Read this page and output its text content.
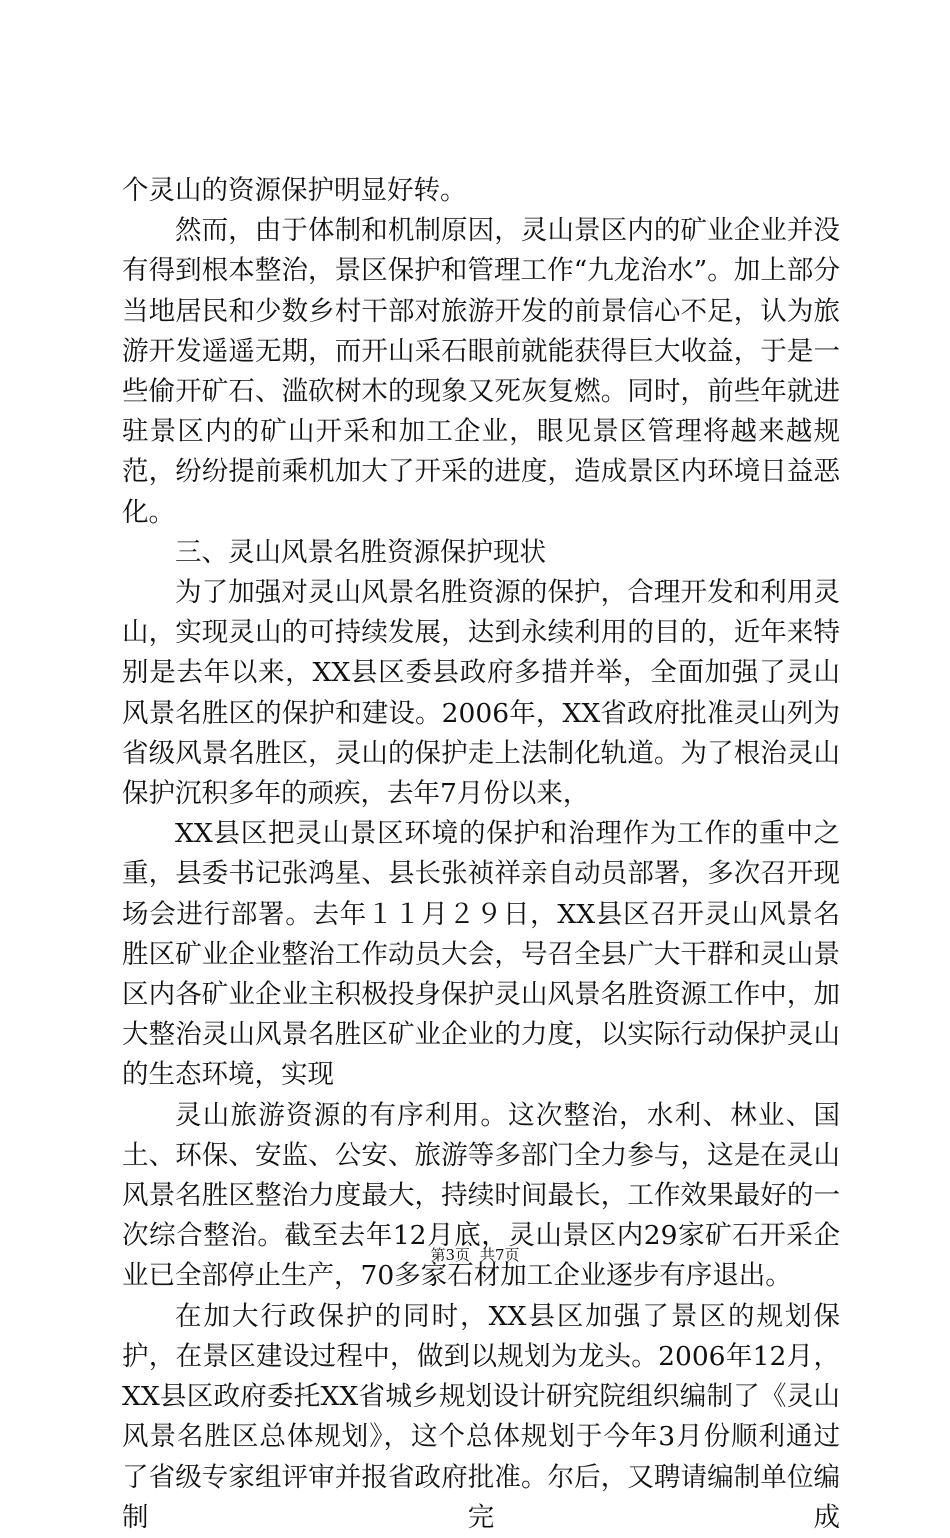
个灵山的资源保护明显好转。

然而，由于体制和机制原因，灵山景区内的矿业企业并没有得到根本整治，景区保护和管理工作“九龙治水”。加上部分当地居民和少数乡村干部对旅游开发的前景信心不足，认为旅游开发遥遥无期，而开山采石眼前就能获得巨大收益，于是一些偷开矿石、滥砍树木的现象又死灰复燃。同时，前些年就进驻景区内的矿山开采和加工企业，眼见景区管理将越来越规范，纷纷提前乘机加大了开采的进度，造成景区内环境日益恶化。

三、灵山风景名胜资源保护现状

为了加强对灵山风景名胜资源的保护，合理开发和利用灵山，实现灵山的可持续发展，达到永续利用的目的，近年来特别是去年以来，XX县区委县政府多措并举，全面加强了灵山风景名胜区的保护和建设。2006年，XX省政府批准灵山列为省级风景名胜区，灵山的保护走上法制化轨道。为了根治灵山保护沉积多年的顽疾，去年7月份以来，

XX县区把灵山景区环境的保护和治理作为工作的重中之重，县委书记张鸿星、县长张祯祥亲自动员部署，多次召开现场会进行部署。去年１１月２９日，XX县区召开灵山风景名胜区矿业企业整治工作动员大会，号召全县广大干群和灵山景区内各矿业企业主积极投身保护灵山风景名胜资源工作中，加大整治灵山风景名胜区矿业企业的力度，以实际行动保护灵山的生态环境，实现

灵山旅游资源的有序利用。这次整治，水利、林业、国土、环保、安监、公安、旅游等多部门全力参与，这是在灵山风景名胜区整治力度最大，持续时间最长，工作效果最好的一次综合整治。截至去年12月底，灵山景区内29家矿石开采企业已全部停止生产，70多家石材加工企业逐步有序退出。

在加大行政保护的同时，XX县区加强了景区的规划保护，在景区建设过程中，做到以规划为龙头。2006年12月，XX县区政府委托XX省城乡规划设计研究院组织编制了《灵山风景名胜区总体规划》，这个总体规划于今年3月份顺利通过了省级专家组评审并报省政府批准。尔后，又聘请编制单位编制完成

第3页 共7页
